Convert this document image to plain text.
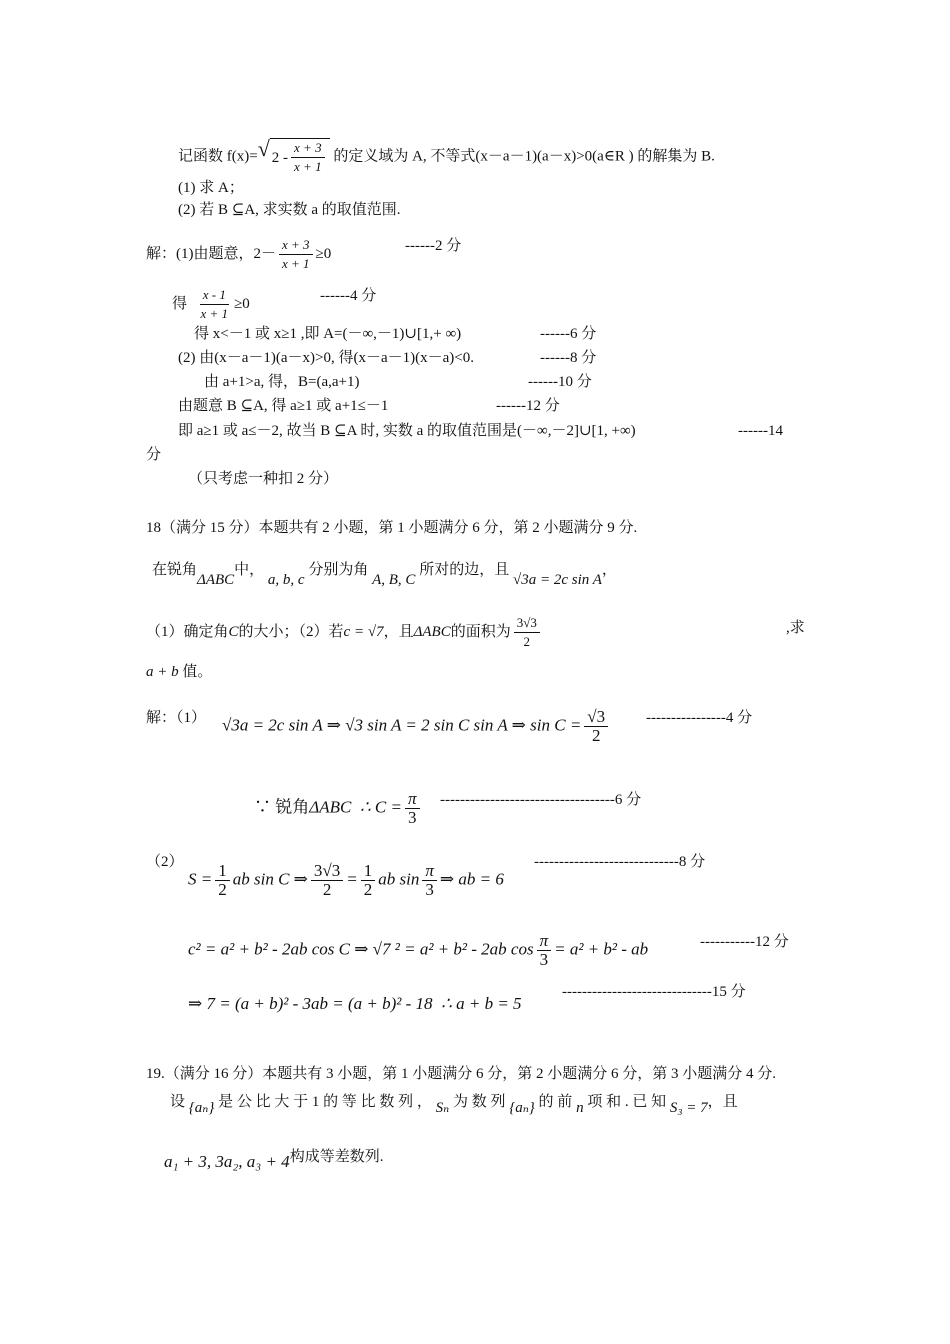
记函数 f(x)= √ $2 - \frac{x + 3}{x + 1}$ 的定义域为 A, 不等式(x－a－1)(a－x)>0(a∈R ) 的解集为 B.
(1) 求 A；
(2) 若 B ⊆A, 求实数 a 的取值范围.
解：(1)由题意，$2- \frac{x + 3}{x + 1} \ge 0$	------2 分
得 $\frac{x - 1}{x + 1} \ge 0$	------4 分
得 x<－1 或 x≥1 ,即 A=(－∞,－1)∪[1,+ ∞)	------6 分
(2) 由(x－a－1)(a－x)>0, 得(x－a－1)(x－a)<0.	------8 分
由 a+1>a, 得，B=(a,a+1)	------10 分
由题意 B ⊆A, 得 a≥1 或 a+1≤－1	------12 分
即 a≥1 或 a≤－2, 故当 B ⊆A 时, 实数 a 的取值范围是(－∞,－2]∪[1, +∞)	------14
分
（只考虑一种扣 2 分）
18（满分 15 分）本题共有 2 小题，第 1 小题满分 6 分，第 2 小题满分 9 分.
在锐角ΔABC中， a, b, c 分别为角 A, B, C 所对的边，且 √3a = 2c sin A，
（1）确定角C的大小；（2）若c = √7，且ΔABC的面积为 $\frac{3√3}{2}$	,求
a + b 值。
解：（1） √3a = 2c sin A ⇒ √3 sin A = 2 sin C sin A ⇒ $\sin C = \frac{√3}{2}$	----------------4 分
∵ 锐角ΔABC ∴ $C = \frac{\pi}{3} -----------------------------------6$ 分
（2）
$S = \frac{1}{2}$ ab sin C ⇒ $\frac{3√3}{2} = \frac{1}{2}$ ab $\sin \frac{\pi}{3}$ ⇒ ab = 6
-----------------------------8 分
c² = a² + b² - 2ab cos C ⇒ √7 ² = a² + b² - 2ab $\cos \frac{\pi}{3} = a^2 + b^2$ - ab	-----------12 分
⇒ 7 = (a + b)² - 3ab = (a + b)² - 18 ∴ a + b = 5
------------------------------15 分
19.（满分 16 分）本题共有 3 小题，第 1 小题满分 6 分，第 2 小题满分 6 分，第 3 小题满分 4 分.
设 {aₙ} 是 公 比 大 于 1 的 等 比 数 列 ， Sₙ 为 数 列 {aₙ} 的 前 n 项 和 . 已 知 S₃ = 7，且
a₁ + 3, 3a₂, a₃ + 4构成等差数列.
